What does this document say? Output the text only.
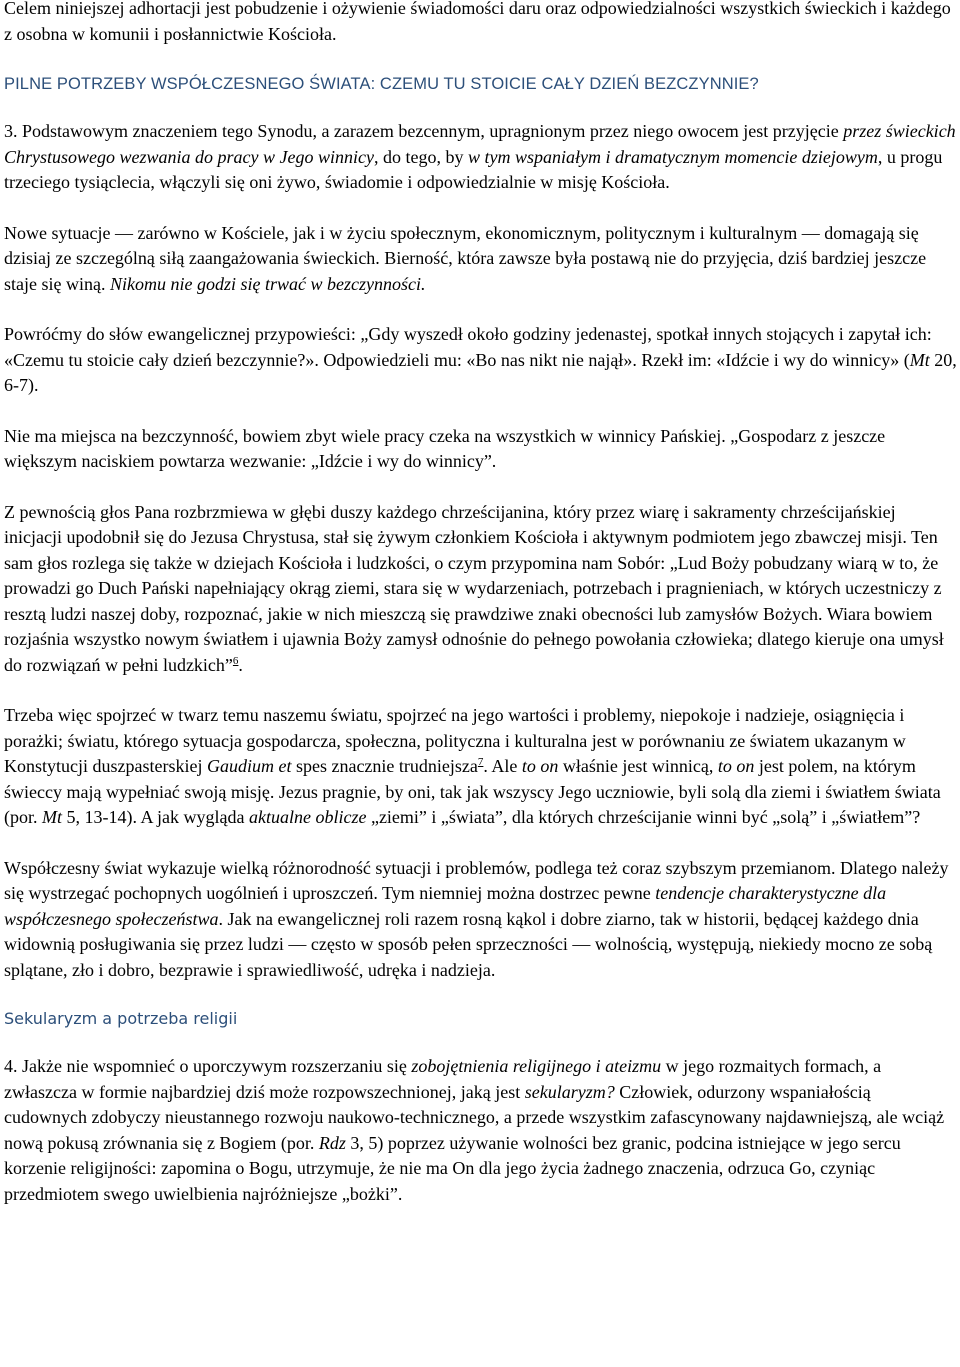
Celem niniejszej adhortacji jest pobudzenie i ożywienie świadomości daru oraz odpowiedzialności wszystkich świeckich i każdego z osobna w komunii i posłannictwie Kościoła.

PILNE POTRZEBY WSPÓŁCZESNEGO ŚWIATA: CZEMU TU STOICIE CAŁY DZIEŃ BEZCZYNNIE?

3. Podstawowym znaczeniem tego Synodu, a zarazem bezcennym, upragnionym przez niego owocem jest przyjęcie przez świeckich Chrystusowego wezwania do pracy w Jego winnicy, do tego, by w tym wspaniałym i dramatycznym momencie dziejowym, u progu trzeciego tysiąclecia, włączyli się oni żywo, świadomie i odpowiedzialnie w misję Kościoła.

Nowe sytuacje — zarówno w Kościele, jak i w życiu społecznym, ekonomicznym, politycznym i kulturalnym — domagają się dzisiaj ze szczególną siłą zaangażowania świeckich. Bierność, która zawsze była postawą nie do przyjęcia, dziś bardziej jeszcze staje się winą. Nikomu nie godzi się trwać w bezczynności.

Powróćmy do słów ewangelicznej przypowieści: „Gdy wyszedł około godziny jedenastej, spotkał innych stojących i zapytał ich: «Czemu tu stoicie cały dzień bezczynnie?». Odpowiedzieli mu: «Bo nas nikt nie najął». Rzekł im: «Idźcie i wy do winnicy» (Mt 20, 6-7).

Nie ma miejsca na bezczynność, bowiem zbyt wiele pracy czeka na wszystkich w winnicy Pańskiej. „Gospodarz z jeszcze większym naciskiem powtarza wezwanie: „Idźcie i wy do winnicy”.

Z pewnością głos Pana rozbrzmiewa w głębi duszy każdego chrześcijanina, który przez wiarę i sakramenty chrześcijańskiej inicjacji upodobnił się do Jezusa Chrystusa, stał się żywym członkiem Kościoła i aktywnym podmiotem jego zbawczej misji. Ten sam głos rozlega się także w dziejach Kościoła i ludzkości, o czym przypomina nam Sobór: „Lud Boży pobudzany wiarą w to, że prowadzi go Duch Pański napełniający okrąg ziemi, stara się w wydarzeniach, potrzebach i pragnieniach, w których uczestniczy z resztą ludzi naszej doby, rozpoznać, jakie w nich mieszczą się prawdziwe znaki obecności lub zamysłów Bożych. Wiara bowiem rozjaśnia wszystko nowym światłem i ujawnia Boży zamysł odnośnie do pełnego powołania człowieka; dlatego kieruje ona umysł do rozwiązań w pełni ludzkich”$^6$.

Trzeba więc spojrzeć w twarz temu naszemu światu, spojrzeć na jego wartości i problemy, niepokoje i nadzieje, osiągnięcia i porażki; światu, którego sytuacja gospodarcza, społeczna, polityczna i kulturalna jest w porównaniu ze światem ukazanym w Konstytucji duszpasterskiej Gaudium et spes znacznie trudniejsza$^7$. Ale to on właśnie jest winnicą, to on jest polem, na którym świeccy mają wypełniać swoją misję. Jezus pragnie, by oni, tak jak wszyscy Jego uczniowie, byli solą dla ziemi i światłem świata (por. Mt 5, 13-14). A jak wygląda aktualne oblicze „ziemi” i „świata”, dla których chrześcijanie winni być „solą” i „światłem”?

Współczesny świat wykazuje wielką różnorodność sytuacji i problemów, podlega też coraz szybszym przemianom. Dlatego należy się wystrzegać pochopnych uogólnień i uproszczeń. Tym niemniej można dostrzec pewne tendencje charakterystyczne dla współczesnego społeczeństwa. Jak na ewangelicznej roli razem rosną kąkol i dobre ziarno, tak w historii, będącej każdego dnia widownią posługiwania się przez ludzi — często w sposób pełen sprzeczności — wolnością, występują, niekiedy mocno ze sobą splątane, zło i dobro, bezprawie i sprawiedliwość, udręka i nadzieja.

Sekularyzm a potrzeba religii

4. Jakże nie wspomnieć o uporczywym rozszerzaniu się zobojętnienia religijnego i ateizmu w jego rozmaitych formach, a zwłaszcza w formie najbardziej dziś może rozpowszechnionej, jaką jest sekularyzm? Człowiek, odurzony wspaniałością cudownych zdobyczy nieustannego rozwoju naukowo-technicznego, a przede wszystkim zafascynowany najdawniejszą, ale wciąż nową pokusą zrównania się z Bogiem (por. Rdz 3, 5) poprzez używanie wolności bez granic, podcina istniejące w jego sercu korzenie religijności: zapomina o Bogu, utrzymuje, że nie ma On dla jego życia żadnego znaczenia, odrzuca Go, czyniąc przedmiotem swego uwielbienia najróżniejsze „bożki”.
